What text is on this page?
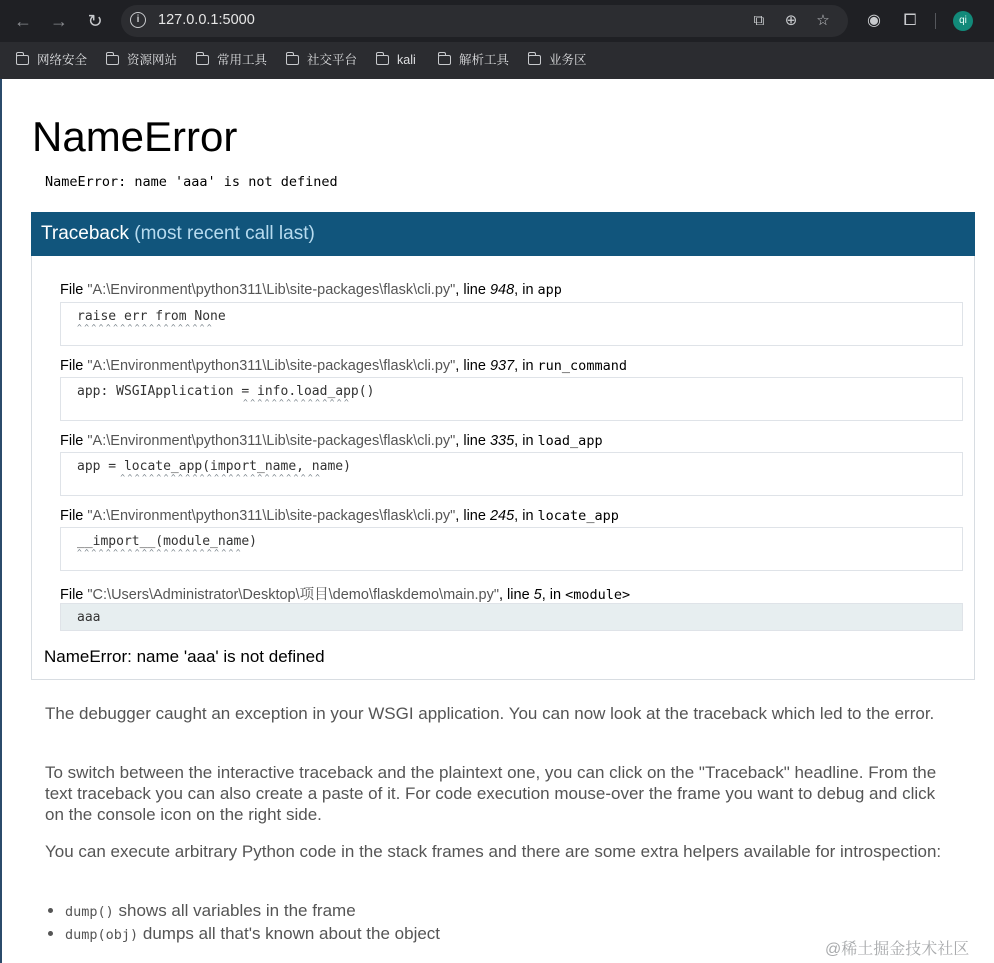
← → ↻	i	127.0.0.1:5000	⧉	⊕ ☆ ◉ ⧠	qi
网络安全	资源网站	常用工具	社交平台	kali	解析工具	业务区
NameError
NameError: name 'aaa' is not defined
Traceback (most recent call last)
File "A:\Environment\python311\Lib\site-packages\flask\cli.py", line 948, in app
raise err from None
^^^^^^^^^^^^^^^^^^^
File "A:\Environment\python311\Lib\site-packages\flask\cli.py", line 937, in run_command
app: WSGIApplication = info.load_app()
^^^^^^^^^^^^^^^
File "A:\Environment\python311\Lib\site-packages\flask\cli.py", line 335, in load_app
app = locate_app(import_name, name)
^^^^^^^^^^^^^^^^^^^^^^^^^^^^
File "A:\Environment\python311\Lib\site-packages\flask\cli.py", line 245, in locate_app
__import__(module_name)
^^^^^^^^^^^^^^^^^^^^^^^
File "C:\Users\Administrator\Desktop\项目\demo\flaskdemo\main.py", line 5, in <module>
aaa
NameError: name 'aaa' is not defined
The debugger caught an exception in your WSGI application. You can now look at the traceback which led to the error.
To switch between the interactive traceback and the plaintext one, you can click on the "Traceback" headline. From the text traceback you can also create a paste of it. For code execution mouse-over the frame you want to debug and click on the console icon on the right side.
You can execute arbitrary Python code in the stack frames and there are some extra helpers available for introspection:
• dump() shows all variables in the frame
• dump(obj) dumps all that's known about the object
@稀土掘金技术社区
